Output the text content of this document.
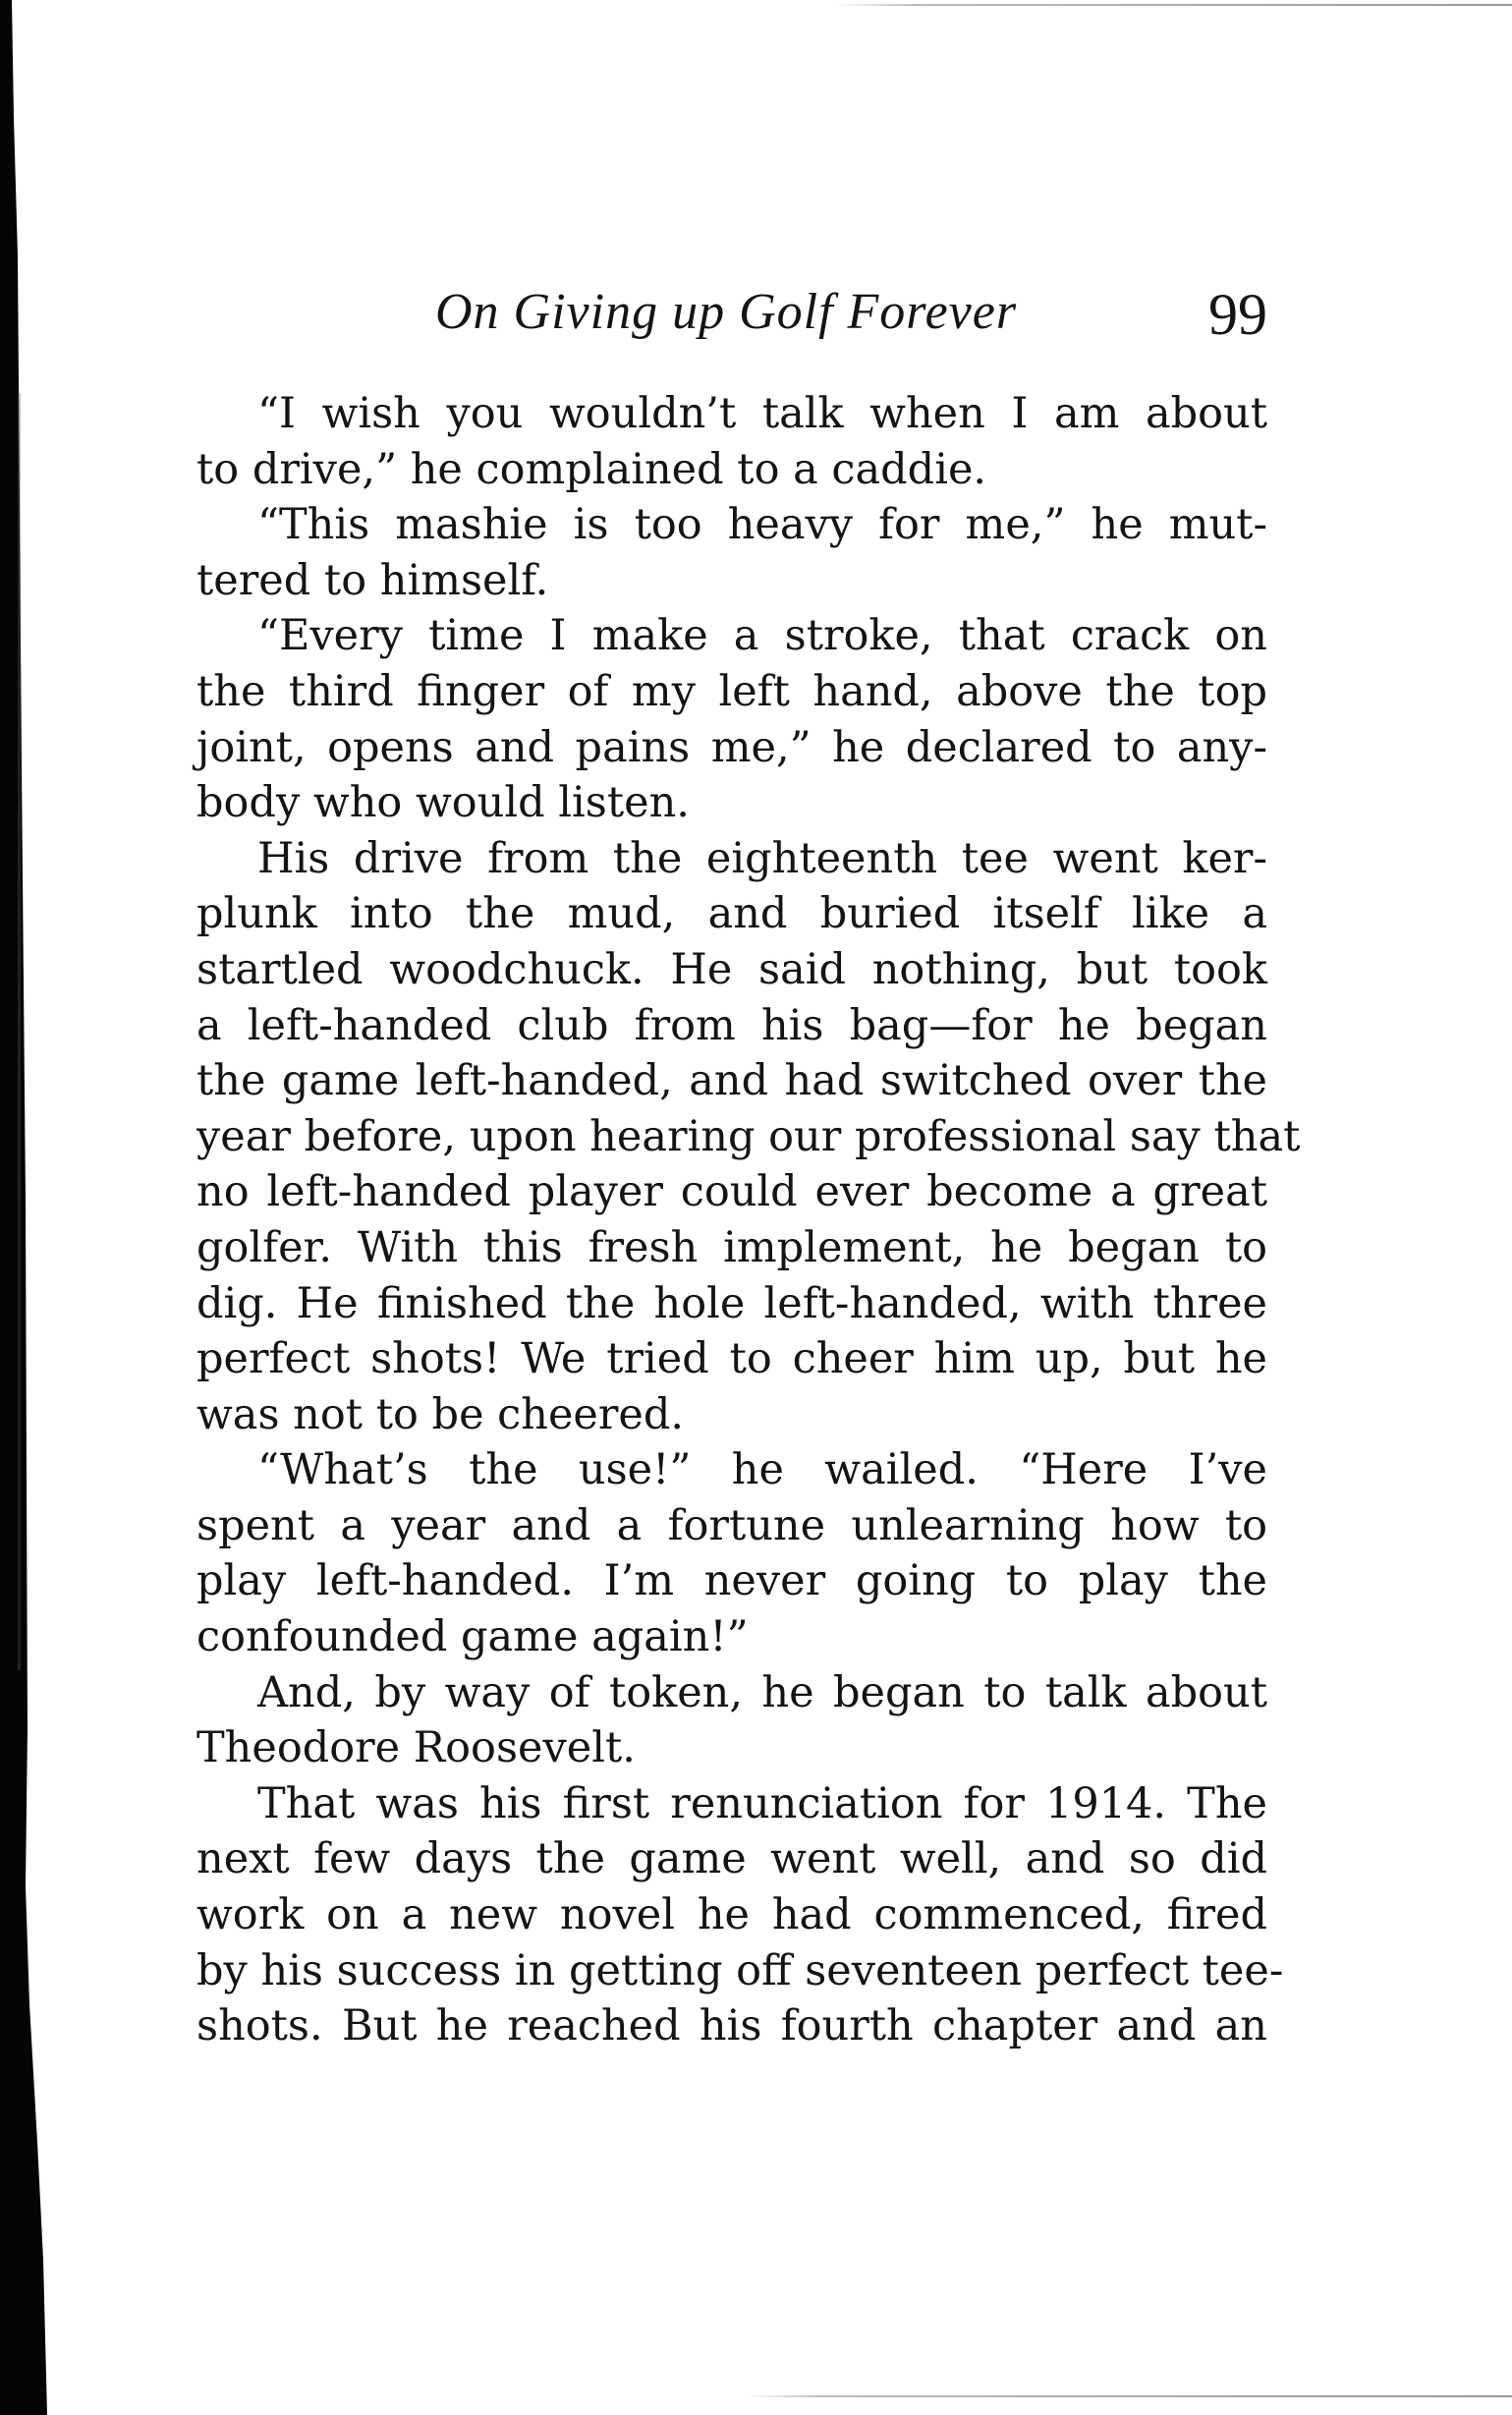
On Giving up Golf Forever	99
“I wish you wouldn’t talk when I am about
to drive,” he complained to a caddie.
“This mashie is too heavy for me,” he mut-
tered to himself.
“Every time I make a stroke, that crack on
the third finger of my left hand, above the top
joint, opens and pains me,” he declared to any-
body who would listen.
His drive from the eighteenth tee went ker-
plunk into the mud, and buried itself like a
startled woodchuck. He said nothing, but took
a left-handed club from his bag—for he began
the game left-handed, and had switched over the
year before, upon hearing our professional say that
no left-handed player could ever become a great
golfer. With this fresh implement, he began to
dig. He finished the hole left-handed, with three
perfect shots! We tried to cheer him up, but he
was not to be cheered.
“What’s the use!” he wailed. “Here I’ve
spent a year and a fortune unlearning how to
play left-handed. I’m never going to play the
confounded game again!”
And, by way of token, he began to talk about
Theodore Roosevelt.
That was his first renunciation for 1914. The
next few days the game went well, and so did
work on a new novel he had commenced, fired
by his success in getting off seventeen perfect tee-
shots. But he reached his fourth chapter and an
